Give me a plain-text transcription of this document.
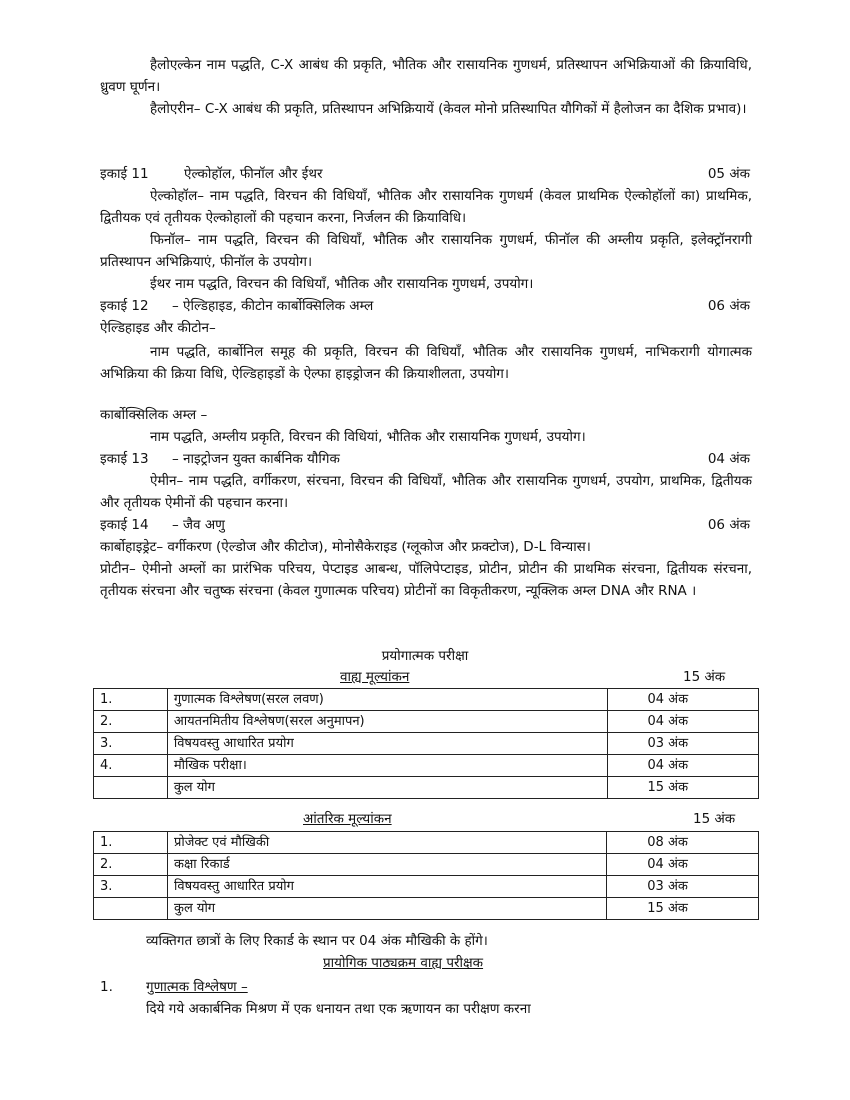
हैलोएल्केन नाम पद्धति, C-X आबंध की प्रकृति, भौतिक और रासायनिक गुणधर्म, प्रतिस्थापन अभिक्रियाओं की क्रियाविधि, ध्रुवण घूर्णन।

हैलोएरीन– C-X आबंध की प्रकृति, प्रतिस्थापन अभिक्रियायें (केवल मोनो प्रतिस्थापित यौगिकों में हैलोजन का दैशिक प्रभाव)।

इकाई 11	ऐल्कोहॉल, फीनॉल और ईथर	05 अंक

ऐल्कोहॉल– नाम पद्धति, विरचन की विधियाँ, भौतिक और रासायनिक गुणधर्म (केवल प्राथमिक ऐल्कोहॉलों का) प्राथमिक, द्वितीयक एवं तृतीयक ऐल्कोहालों की पहचान करना, निर्जलन की क्रियाविधि।

फिनॉल– नाम पद्धति, विरचन की विधियाँ, भौतिक और रासायनिक गुणधर्म, फीनॉल की अम्लीय प्रकृति, इलेक्ट्रॉनरागी प्रतिस्थापन अभिक्रियाएं, फीनॉल के उपयोग।

ईथर नाम पद्धति, विरचन की विधियाँ, भौतिक और रासायनिक गुणधर्म, उपयोग।

इकाई 12 – ऐल्डिहाइड, कीटोन कार्बोक्सिलिक अम्ल	06 अंक
ऐल्डिहाइड और कीटोन–

नाम पद्धति, कार्बोनिल समूह की प्रकृति, विरचन की विधियाँ, भौतिक और रासायनिक गुणधर्म, नाभिकरागी योगात्मक अभिक्रिया की क्रिया विधि, ऐल्डिहाइडों के ऐल्फा हाइड्रोजन की क्रियाशीलता, उपयोग।

कार्बोक्सिलिक अम्ल –

नाम पद्धति, अम्लीय प्रकृति, विरचन की विधियां, भौतिक और रासायनिक गुणधर्म, उपयोग।

इकाई 13 – नाइट्रोजन युक्त कार्बनिक यौगिक	04 अंक

ऐमीन– नाम पद्धति, वर्गीकरण, संरचना, विरचन की विधियाँ, भौतिक और रासायनिक गुणधर्म, उपयोग, प्राथमिक, द्वितीयक और तृतीयक ऐमीनों की पहचान करना।

इकाई 14 – जैव अणु	06 अंक

कार्बोहाइड्रेट– वर्गीकरण (ऐल्डोज और कीटोज), मोनोसैकेराइड (ग्लूकोज और फ्रक्टोज), D-L विन्यास।

प्रोटीन– ऐमीनो अम्लों का प्रारंभिक परिचय, पेप्टाइड आबन्ध, पॉलिपेप्टाइड, प्रोटीन, प्रोटीन की प्राथमिक संरचना, द्वितीयक संरचना, तृतीयक संरचना और चतुष्क संरचना (केवल गुणात्मक परिचय) प्रोटीनों का विकृतीकरण, न्यूक्लिक अम्ल DNA और RNA ।

प्रयोगात्मक परीक्षा
वाह्य मूल्यांकन	15 अंक
1.	गुणात्मक विश्लेषण(सरल लवण)	04 अंक
2.	आयतनमितीय विश्लेषण(सरल अनुमापन)	04 अंक
3.	विषयवस्तु आधारित प्रयोग	03 अंक
4.	मौखिक परीक्षा।	04 अंक
	कुल योग	15 अंक
आंतरिक मूल्यांकन	15 अंक
1.	प्रोजेक्ट एवं मौखिकी	08 अंक
2.	कक्षा रिकार्ड	04 अंक
3.	विषयवस्तु आधारित प्रयोग	03 अंक
	कुल योग	15 अंक
व्यक्तिगत छात्रों के लिए रिकार्ड के स्थान पर 04 अंक मौखिकी के होंगे।
प्रायोगिक पाठ्यक्रम वाह्य परीक्षक
1. गुणात्मक विश्लेषण –
दिये गये अकार्बनिक मिश्रण में एक धनायन तथा एक ऋणायन का परीक्षण करना
